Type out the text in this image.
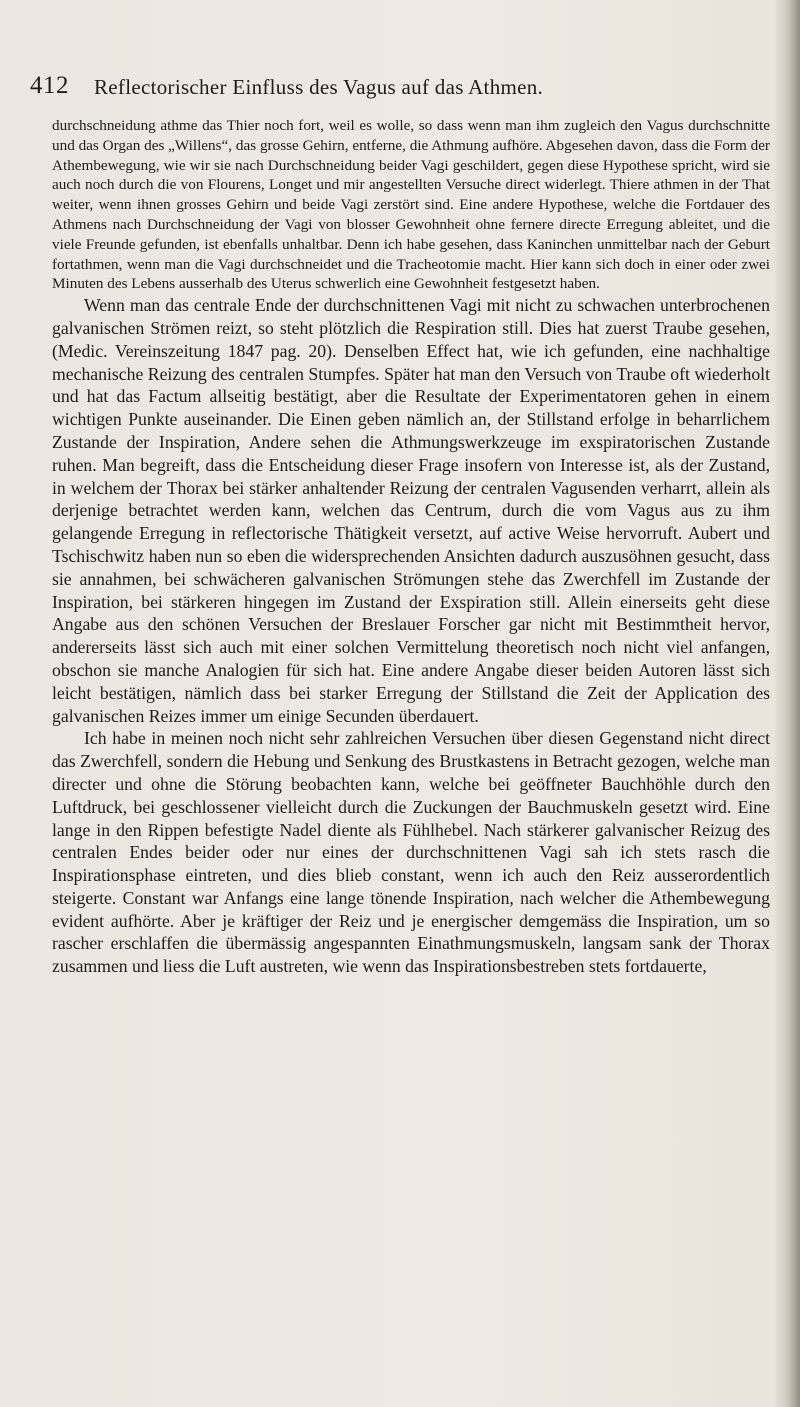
412 Reflectorischer Einfluss des Vagus auf das Athmen.

durchschneidung athme das Thier noch fort, weil es wolle, so dass wenn man ihm zugleich den Vagus durchschnitte und das Organ des „Willens“, das grosse Gehirn, entferne, die Athmung aufhöre. Abgesehen davon, dass die Form der Athembewegung, wie wir sie nach Durchschneidung beider Vagi geschildert, gegen diese Hypothese spricht, wird sie auch noch durch die von Flourens, Longet und mir angestellten Versuche direct widerlegt. Thiere athmen in der That weiter, wenn ihnen grosses Gehirn und beide Vagi zerstört sind. Eine andere Hypothese, welche die Fortdauer des Athmens nach Durchschneidung der Vagi von blosser Gewohnheit ohne fernere directe Erregung ableitet, und die viele Freunde gefunden, ist ebenfalls unhaltbar. Denn ich habe gesehen, dass Kaninchen unmittelbar nach der Geburt fortathmen, wenn man die Vagi durchschneidet und die Tracheotomie macht. Hier kann sich doch in einer oder zwei Minuten des Lebens ausserhalb des Uterus schwerlich eine Gewohnheit festgesetzt haben.

Wenn man das centrale Ende der durchschnittenen Vagi mit nicht zu schwachen unterbrochenen galvanischen Strömen reizt, so steht plötzlich die Respiration still. Dies hat zuerst Traube gesehen, (Medic. Vereinszeitung 1847 pag. 20). Denselben Effect hat, wie ich gefunden, eine nachhaltige mechanische Reizung des centralen Stumpfes. Später hat man den Versuch von Traube oft wiederholt und hat das Factum allseitig bestätigt, aber die Resultate der Experimentatoren gehen in einem wichtigen Punkte auseinander. Die Einen geben nämlich an, der Stillstand erfolge in beharrlichem Zustande der Inspiration, Andere sehen die Athmungswerkzeuge im exspiratorischen Zustande ruhen. Man begreift, dass die Entscheidung dieser Frage insofern von Interesse ist, als der Zustand, in welchem der Thorax bei stärker anhaltender Reizung der centralen Vagusenden verharrt, allein als derjenige betrachtet werden kann, welchen das Centrum, durch die vom Vagus aus zu ihm gelangende Erregung in reflectorische Thätigkeit versetzt, auf active Weise hervorruft. Aubert und Tschischwitz haben nun so eben die widersprechenden Ansichten dadurch auszusöhnen gesucht, dass sie annahmen, bei schwächeren galvanischen Strömungen stehe das Zwerchfell im Zustande der Inspiration, bei stärkeren hingegen im Zustand der Exspiration still. Allein einerseits geht diese Angabe aus den schönen Versuchen der Breslauer Forscher gar nicht mit Bestimmtheit hervor, andererseits lässt sich auch mit einer solchen Vermittelung theoretisch noch nicht viel anfangen, obschon sie manche Analogien für sich hat. Eine andere Angabe dieser beiden Autoren lässt sich leicht bestätigen, nämlich dass bei starker Erregung der Stillstand die Zeit der Application des galvanischen Reizes immer um einige Secunden überdauert.

Ich habe in meinen noch nicht sehr zahlreichen Versuchen über diesen Gegenstand nicht direct das Zwerchfell, sondern die Hebung und Senkung des Brustkastens in Betracht gezogen, welche man directer und ohne die Störung beobachten kann, welche bei geöffneter Bauchhöhle durch den Luftdruck, bei geschlossener vielleicht durch die Zuckungen der Bauchmuskeln gesetzt wird. Eine lange in den Rippen befestigte Nadel diente als Fühlhebel. Nach stärkerer galvanischer Reizug des centralen Endes beider oder nur eines der durchschnittenen Vagi sah ich stets rasch die Inspirationsphase eintreten, und dies blieb constant, wenn ich auch den Reiz ausserordentlich steigerte. Constant war Anfangs eine lange tönende Inspiration, nach welcher die Athembewegung evident aufhörte. Aber je kräftiger der Reiz und je energischer demgemäss die Inspiration, um so rascher erschlaffen die übermässig angespannten Einathmungsmuskeln, langsam sank der Thorax zusammen und liess die Luft austreten, wie wenn das Inspirationsbestreben stets fortdauerte,
